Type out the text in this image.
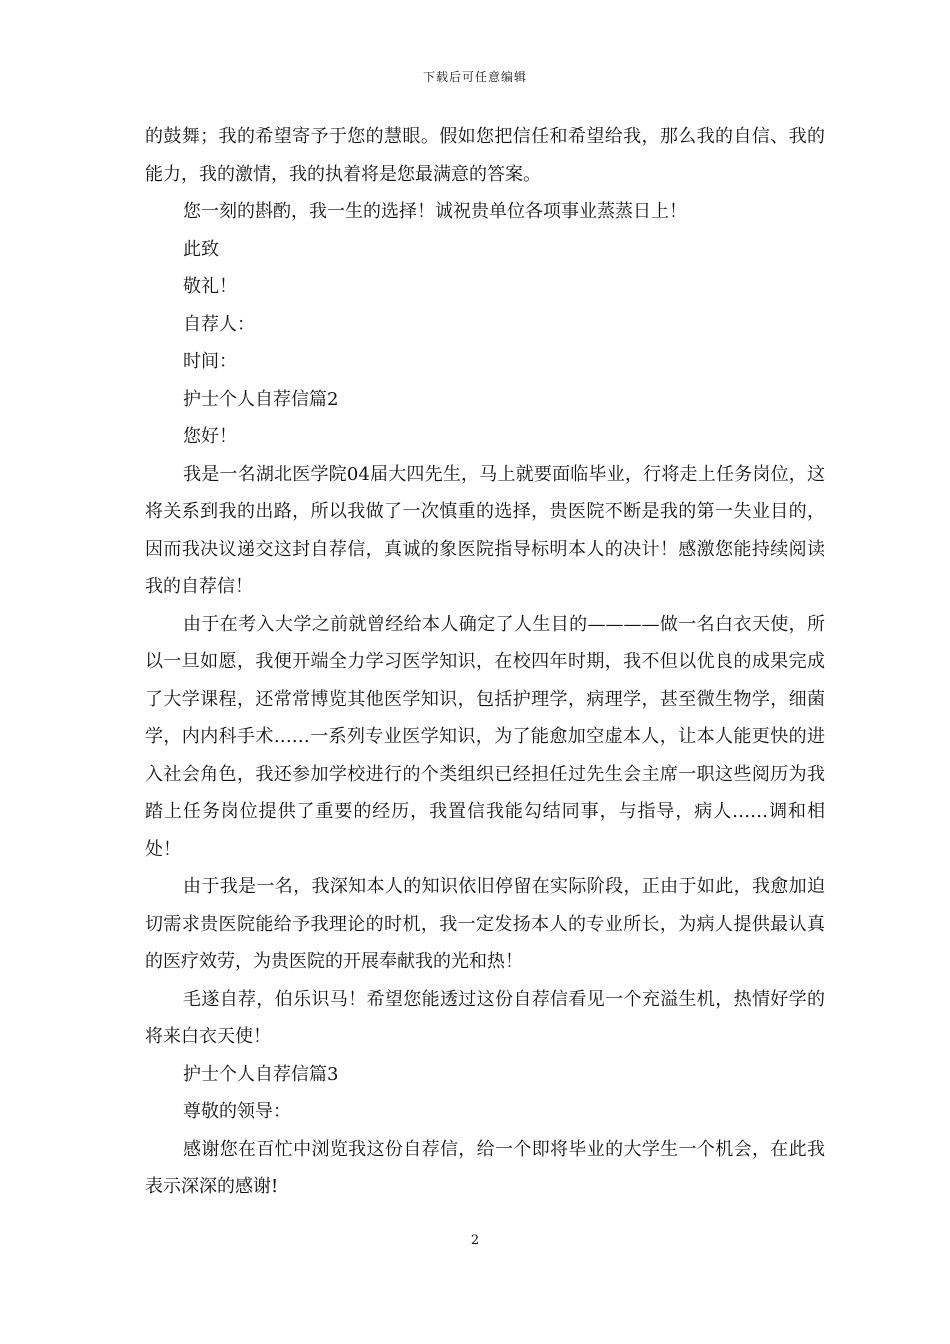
下载后可任意编辑

的鼓舞；我的希望寄予于您的慧眼。假如您把信任和希望给我，那么我的自信、我的能力，我的激情，我的执着将是您最满意的答案。

您一刻的斟酌，我一生的选择！诚祝贵单位各项事业蒸蒸日上！

此致

敬礼！

自荐人：

时间：

护士个人自荐信篇2

您好！

我是一名湖北医学院04届大四先生，马上就要面临毕业，行将走上任务岗位，这将关系到我的出路，所以我做了一次慎重的选择，贵医院不断是我的第一失业目的，因而我决议递交这封自荐信，真诚的象医院指导标明本人的决计！感激您能持续阅读我的自荐信！

由于在考入大学之前就曾经给本人确定了人生目的————做一名白衣天使，所以一旦如愿，我便开端全力学习医学知识，在校四年时期，我不但以优良的成果完成了大学课程，还常常博览其他医学知识，包括护理学，病理学，甚至微生物学，细菌学，内内科手术……一系列专业医学知识，为了能愈加空虚本人，让本人能更快的进入社会角色，我还参加学校进行的个类组织已经担任过先生会主席一职这些阅历为我踏上任务岗位提供了重要的经历，我置信我能勾结同事，与指导，病人……调和相处！

由于我是一名，我深知本人的知识依旧停留在实际阶段，正由于如此，我愈加迫切需求贵医院能给予我理论的时机，我一定发扬本人的专业所长，为病人提供最认真的医疗效劳，为贵医院的开展奉献我的光和热！

毛遂自荐，伯乐识马！希望您能透过这份自荐信看见一个充溢生机，热情好学的将来白衣天使！

护士个人自荐信篇3

尊敬的领导：

感谢您在百忙中浏览我这份自荐信，给一个即将毕业的大学生一个机会，在此我表示深深的感谢!

2
